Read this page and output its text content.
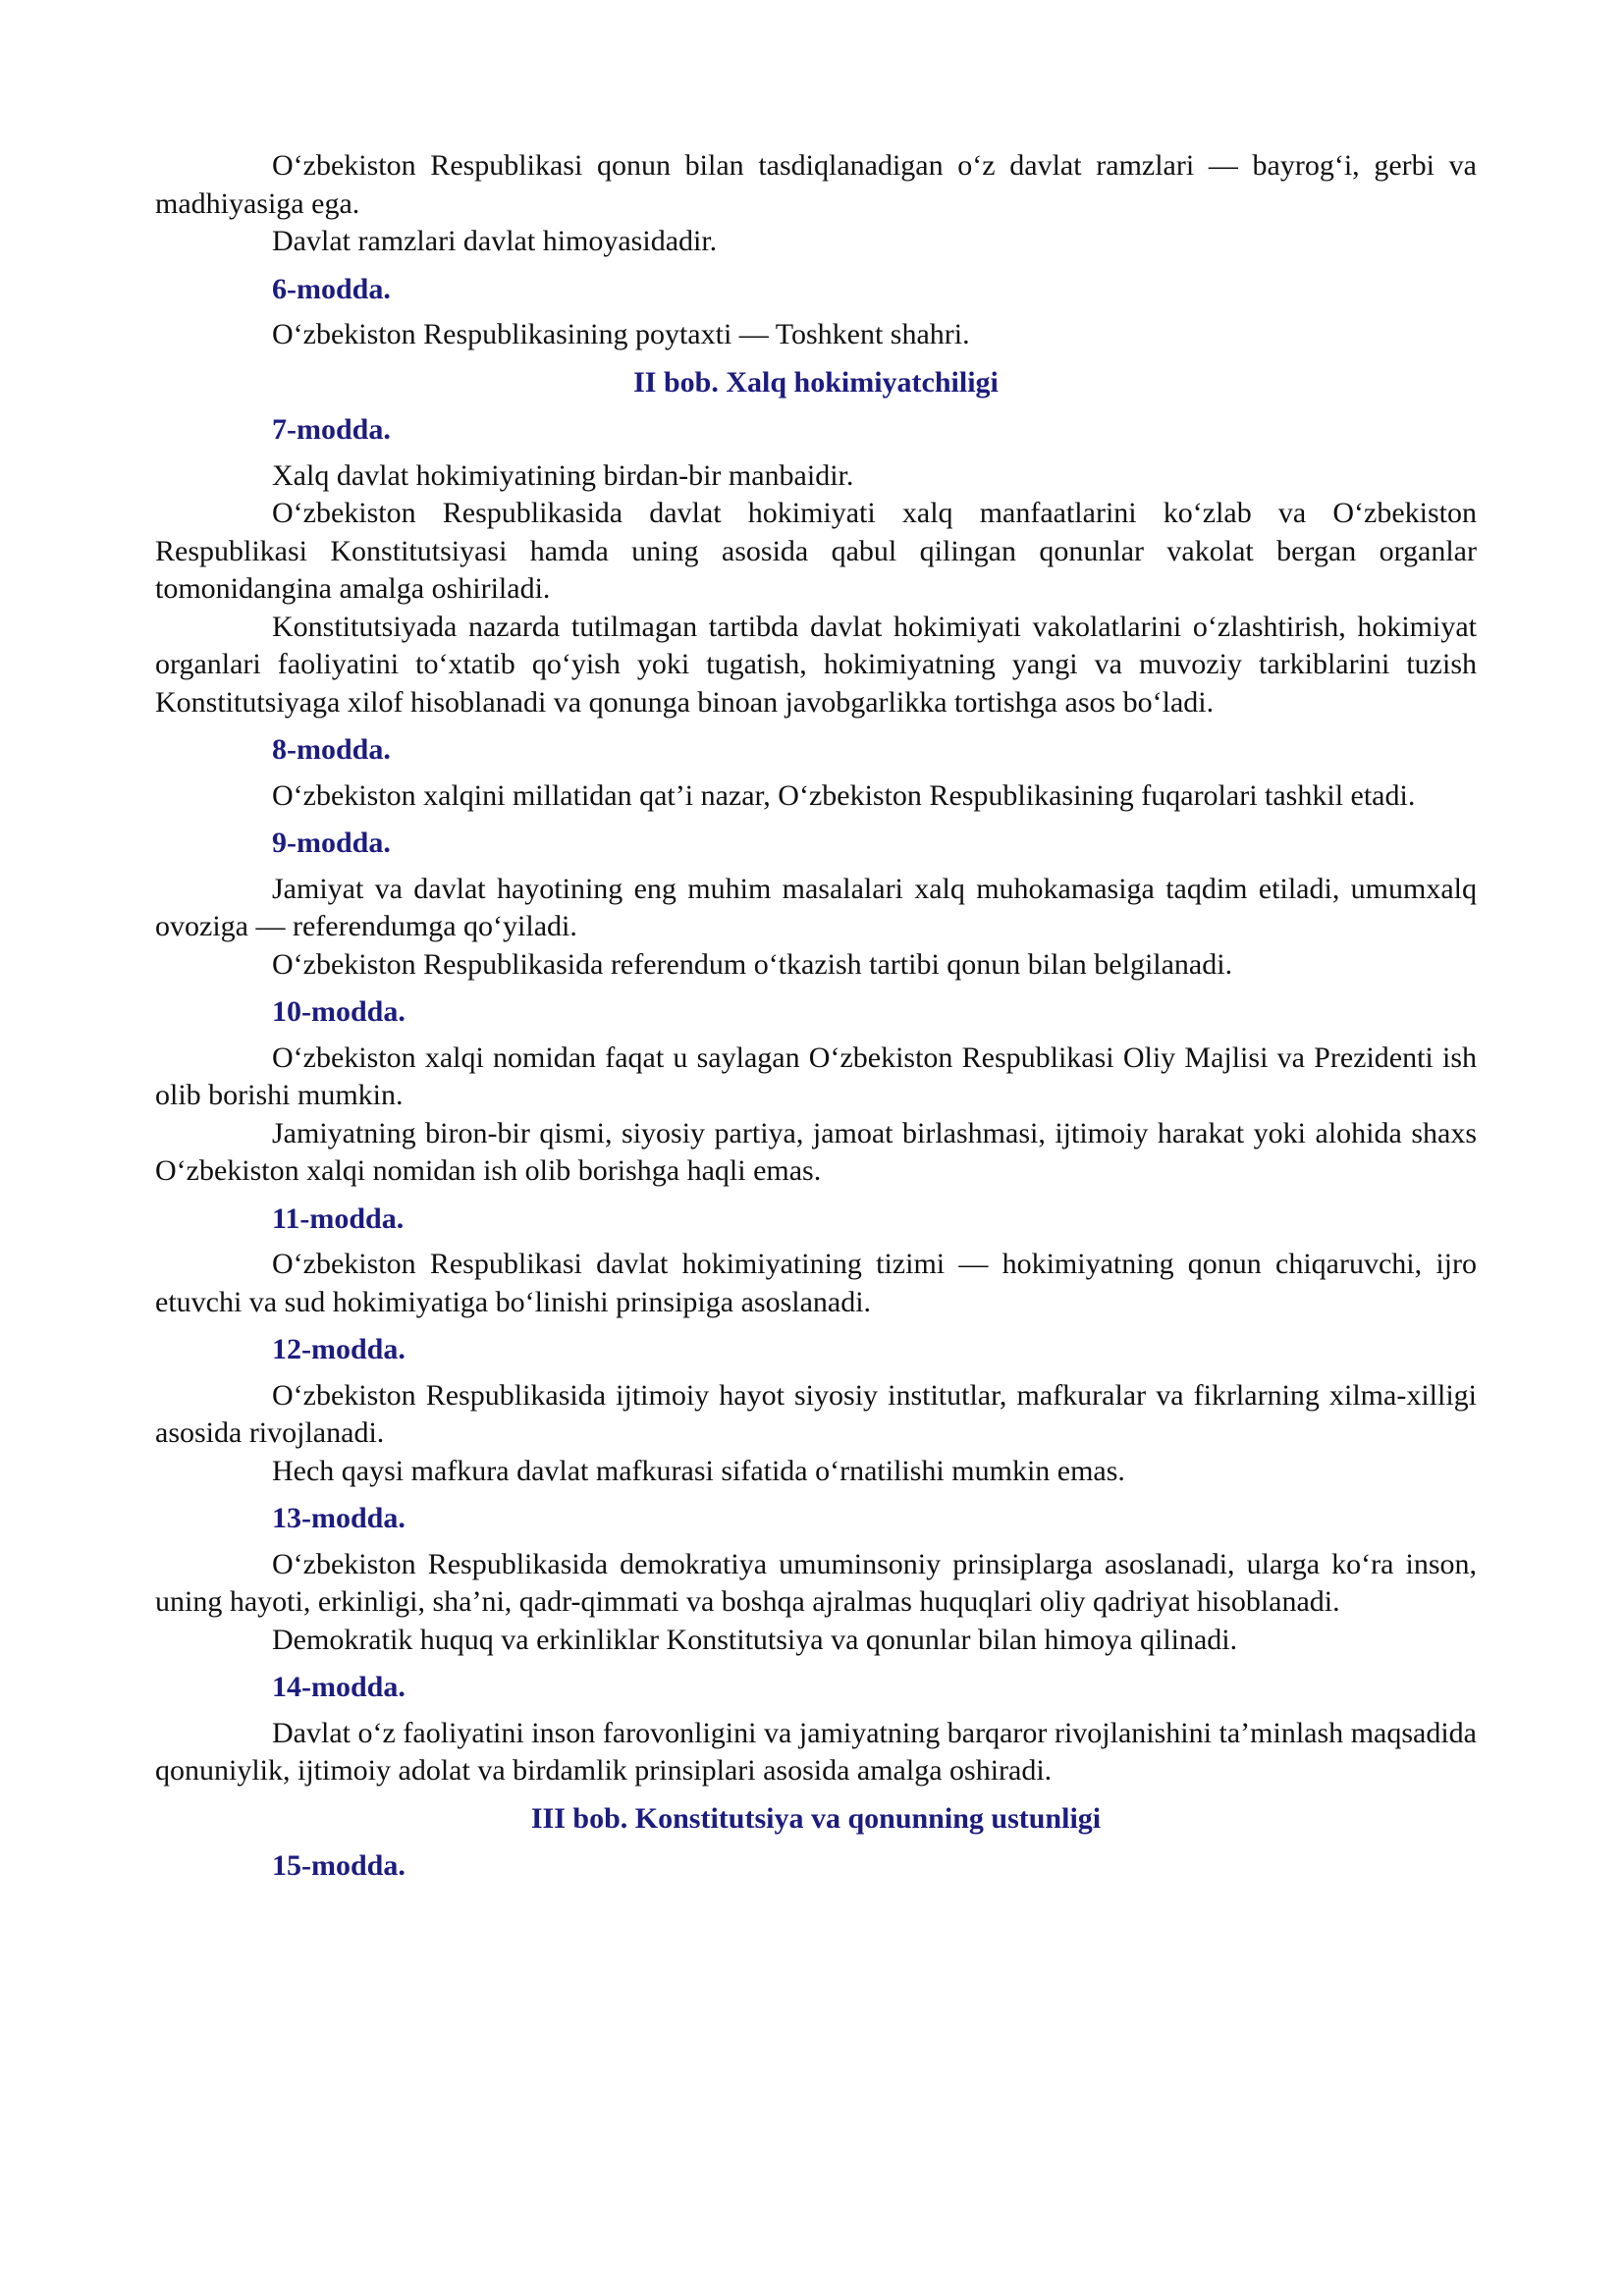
O‘zbekiston Respublikasi qonun bilan tasdiqlanadigan o‘z davlat ramzlari — bayrog‘i, gerbi va madhiyasiga ega.

Davlat ramzlari davlat himoyasidadir.

6-modda.

O‘zbekiston Respublikasining poytaxti — Toshkent shahri.

II bob. Xalq hokimiyatchiligi
7-modda.

Xalq davlat hokimiyatining birdan-bir manbaidir.

O‘zbekiston Respublikasida davlat hokimiyati xalq manfaatlarini ko‘zlab va O‘zbekiston Respublikasi Konstitutsiyasi hamda uning asosida qabul qilingan qonunlar vakolat bergan organlar tomonidangina amalga oshiriladi.

Konstitutsiyada nazarda tutilmagan tartibda davlat hokimiyati vakolatlarini o‘zlashtirish, hokimiyat organlari faoliyatini to‘xtatib qo‘yish yoki tugatish, hokimiyatning yangi va muvoziy tarkiblarini tuzish Konstitutsiyaga xilof hisoblanadi va qonunga binoan javobgarlikka tortishga asos bo‘ladi.

8-modda.

O‘zbekiston xalqini millatidan qat’i nazar, O‘zbekiston Respublikasining fuqarolari tashkil etadi.

9-modda.

Jamiyat va davlat hayotining eng muhim masalalari xalq muhokamasiga taqdim etiladi, umumxalq ovoziga — referendumga qo‘yiladi.

O‘zbekiston Respublikasida referendum o‘tkazish tartibi qonun bilan belgilanadi.

10-modda.

O‘zbekiston xalqi nomidan faqat u saylagan O‘zbekiston Respublikasi Oliy Majlisi va Prezidenti ish olib borishi mumkin.

Jamiyatning biron-bir qismi, siyosiy partiya, jamoat birlashmasi, ijtimoiy harakat yoki alohida shaxs O‘zbekiston xalqi nomidan ish olib borishga haqli emas.

11-modda.

O‘zbekiston Respublikasi davlat hokimiyatining tizimi — hokimiyatning qonun chiqaruvchi, ijro etuvchi va sud hokimiyatiga bo‘linishi prinsipiga asoslanadi.

12-modda.

O‘zbekiston Respublikasida ijtimoiy hayot siyosiy institutlar, mafkuralar va fikrlarning xilma-xilligi asosida rivojlanadi.

Hech qaysi mafkura davlat mafkurasi sifatida o‘rnatilishi mumkin emas.

13-modda.

O‘zbekiston Respublikasida demokratiya umuminsoniy prinsiplarga asoslanadi, ularga ko‘ra inson, uning hayoti, erkinligi, sha’ni, qadr-qimmati va boshqa ajralmas huquqlari oliy qadriyat hisoblanadi.

Demokratik huquq va erkinliklar Konstitutsiya va qonunlar bilan himoya qilinadi.

14-modda.

Davlat o‘z faoliyatini inson farovonligini va jamiyatning barqaror rivojlanishini ta’minlash maqsadida qonuniylik, ijtimoiy adolat va birdamlik prinsiplari asosida amalga oshiradi.

III bob. Konstitutsiya va qonunning ustunligi
15-modda.
